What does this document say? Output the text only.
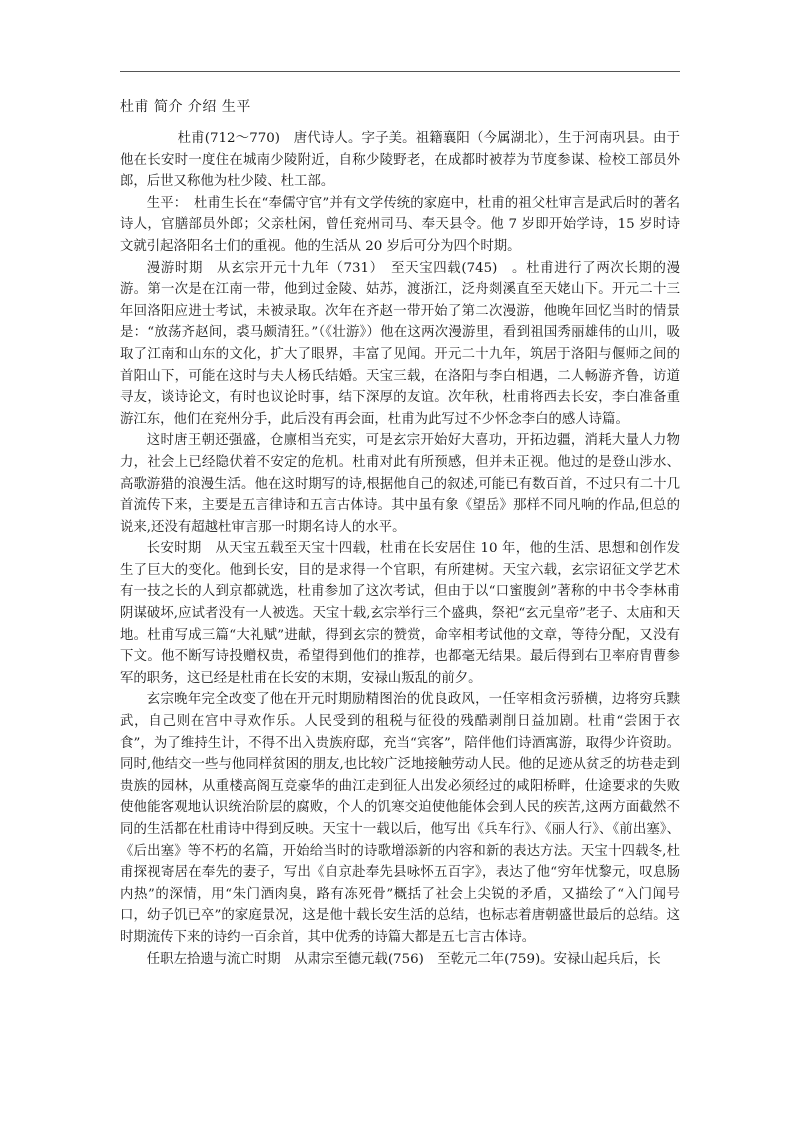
杜甫 简介 介绍 生平

杜甫(712～770)　唐代诗人。字子美。祖籍襄阳（今属湖北），生于河南巩县。由于他在长安时一度住在城南少陵附近，自称少陵野老，在成都时被荐为节度参谋、检校工部员外郎，后世又称他为杜少陵、杜工部。

生平：　杜甫生长在“奉儒守官”并有文学传统的家庭中，杜甫的祖父杜审言是武后时的著名诗人，官膳部员外郎；父亲杜闲，曾任兖州司马、奉天县令。他 7 岁即开始学诗，15 岁时诗文就引起洛阳名士们的重视。他的生活从 20 岁后可分为四个时期。

漫游时期　从玄宗开元十九年（731）　至天宝四载(745)　。杜甫进行了两次长期的漫游。第一次是在江南一带，他到过金陵、姑苏，渡浙江，泛舟剡溪直至天姥山下。开元二十三年回洛阳应进士考试，未被录取。次年在齐赵一带开始了第二次漫游，他晚年回忆当时的情景是：“放荡齐赵间，裘马颇清狂。”（《壮游》）他在这两次漫游里，看到祖国秀丽雄伟的山川，吸取了江南和山东的文化，扩大了眼界，丰富了见闻。开元二十九年，筑居于洛阳与偃师之间的首阳山下，可能在这时与夫人杨氏结婚。天宝三载，在洛阳与李白相遇，二人畅游齐鲁，访道寻友，谈诗论文，有时也议论时事，结下深厚的友谊。次年秋，杜甫将西去长安，李白准备重游江东，他们在兖州分手，此后没有再会面，杜甫为此写过不少怀念李白的感人诗篇。

这时唐王朝还强盛，仓廪相当充实，可是玄宗开始好大喜功，开拓边疆，消耗大量人力物力，社会上已经隐伏着不安定的危机。杜甫对此有所预感，但并未正视。他过的是登山涉水、高歌游猎的浪漫生活。他在这时期写的诗,根据他自己的叙述,可能已有数百首，不过只有二十几首流传下来，主要是五言律诗和五言古体诗。其中虽有象《望岳》那样不同凡响的作品,但总的说来,还没有超越杜审言那一时期名诗人的水平。

长安时期　从天宝五载至天宝十四载，杜甫在长安居住 10 年，他的生活、思想和创作发生了巨大的变化。他到长安，目的是求得一个官职，有所建树。天宝六载，玄宗诏征文学艺术有一技之长的人到京都就选，杜甫参加了这次考试，但由于以“口蜜腹剑”著称的中书令李林甫阴谋破坏,应试者没有一人被选。天宝十载,玄宗举行三个盛典，祭祀“玄元皇帝”老子、太庙和天地。杜甫写成三篇“大礼赋”进献，得到玄宗的赞赏，命宰相考试他的文章，等待分配，又没有下文。他不断写诗投赠权贵，希望得到他们的推荐，也都毫无结果。最后得到右卫率府胄曹参军的职务，这已经是杜甫在长安的末期，安禄山叛乱的前夕。

玄宗晚年完全改变了他在开元时期励精图治的优良政风，一任宰相贪污骄横，边将穷兵黩武，自己则在宫中寻欢作乐。人民受到的租税与征役的残酷剥削日益加剧。杜甫“尝困于衣食”，为了维持生计，不得不出入贵族府邸，充当“宾客”，陪伴他们诗酒寓游，取得少许资助。同时,他结交一些与他同样贫困的朋友,也比较广泛地接触劳动人民。他的足迹从贫乏的坊巷走到贵族的园林，从重楼高阁互竞豪华的曲江走到征人出发必须经过的咸阳桥畔，仕途要求的失败使他能客观地认识统治阶层的腐败，个人的饥寒交迫使他能体会到人民的疾苦,这两方面截然不同的生活都在杜甫诗中得到反映。天宝十一载以后，他写出《兵车行》、《丽人行》、《前出塞》、《后出塞》等不朽的名篇，开始给当时的诗歌增添新的内容和新的表达方法。天宝十四载冬,杜甫探视寄居在奉先的妻子，写出《自京赴奉先县咏怀五百字》，表达了他“穷年忧黎元，叹息肠内热”的深情，用“朱门酒肉臭，路有冻死骨”概括了社会上尖锐的矛盾，又描绘了“入门闻号口，幼子饥已卒”的家庭景况，这是他十载长安生活的总结，也标志着唐朝盛世最后的总结。这时期流传下来的诗约一百余首，其中优秀的诗篇大都是五七言古体诗。

任职左拾遗与流亡时期　从肃宗至德元载(756)　至乾元二年(759)。安禄山起兵后，长
